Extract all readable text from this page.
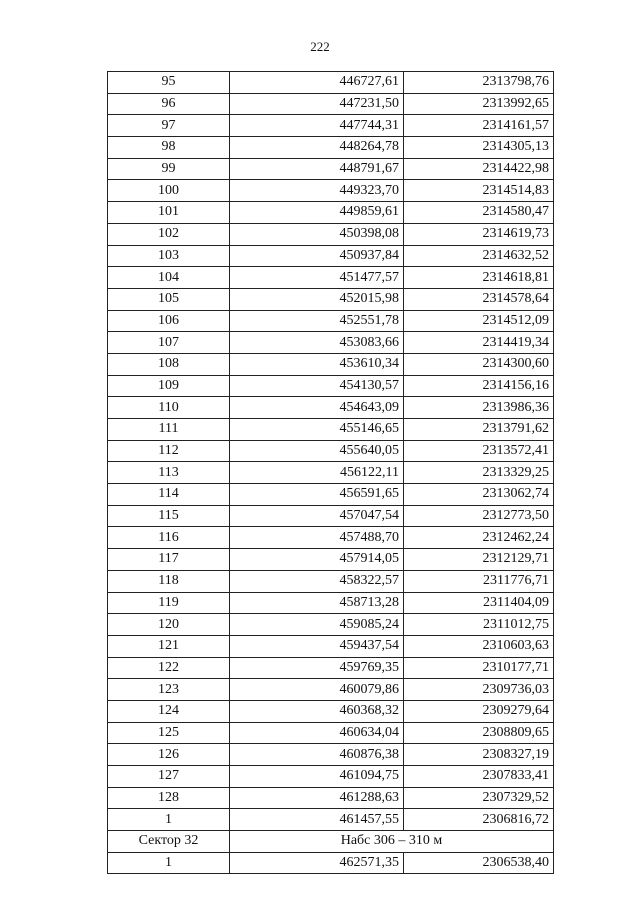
222
95	446727,61	2313798,76
96	447231,50	2313992,65
97	447744,31	2314161,57
98	448264,78	2314305,13
99	448791,67	2314422,98
100	449323,70	2314514,83
101	449859,61	2314580,47
102	450398,08	2314619,73
103	450937,84	2314632,52
104	451477,57	2314618,81
105	452015,98	2314578,64
106	452551,78	2314512,09
107	453083,66	2314419,34
108	453610,34	2314300,60
109	454130,57	2314156,16
110	454643,09	2313986,36
111	455146,65	2313791,62
112	455640,05	2313572,41
113	456122,11	2313329,25
114	456591,65	2313062,74
115	457047,54	2312773,50
116	457488,70	2312462,24
117	457914,05	2312129,71
118	458322,57	2311776,71
119	458713,28	2311404,09
120	459085,24	2311012,75
121	459437,54	2310603,63
122	459769,35	2310177,71
123	460079,86	2309736,03
124	460368,32	2309279,64
125	460634,04	2308809,65
126	460876,38	2308327,19
127	461094,75	2307833,41
128	461288,63	2307329,52
1	461457,55	2306816,72
Сектор 32	Набс 306 – 310 м	
1	462571,35	2306538,40
